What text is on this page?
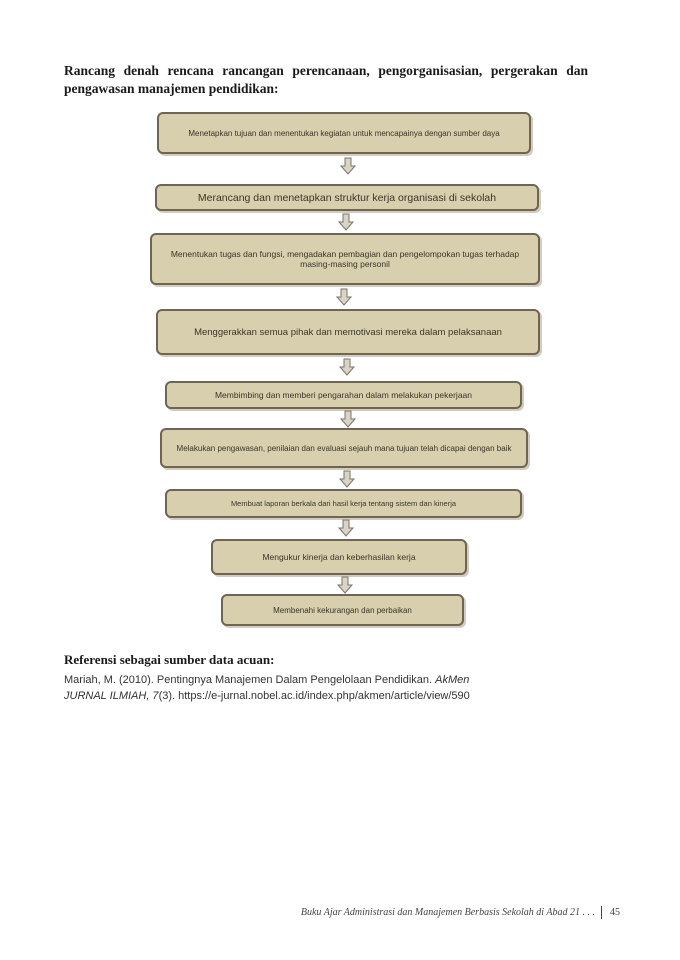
Rancang denah rencana rancangan perencanaan, pengorganisasian, pergerakan dan pengawasan manajemen pendidikan:
Menetapkan tujuan dan menentukan kegiatan untuk mencapainya dengan sumber daya
Merancang dan menetapkan struktur kerja organisasi di sekolah
Menentukan tugas dan fungsi, mengadakan pembagian dan pengelompokan tugas terhadap masing-masing personil
Menggerakkan semua pihak dan memotivasi mereka dalam pelaksanaan
Membimbing dan memberi pengarahan dalam melakukan pekerjaan
Melakukan pengawasan, penilaian dan evaluasi sejauh mana tujuan telah dicapai dengan baik
Membuat laporan berkala dari hasil kerja tentang sistem dan kinerja
Mengukur kinerja dan keberhasilan kerja
Membenahi kekurangan dan perbaikan
Referensi sebagai sumber data acuan:
Mariah, M. (2010). Pentingnya Manajemen Dalam Pengelolaan Pendidikan. AkMen
JURNAL ILMIAH, 7(3). https://e-jurnal.nobel.ac.id/index.php/akmen/article/view/590
Buku Ajar Administrasi dan Manajemen Berbasis Sekolah di Abad 21 . . . 45
